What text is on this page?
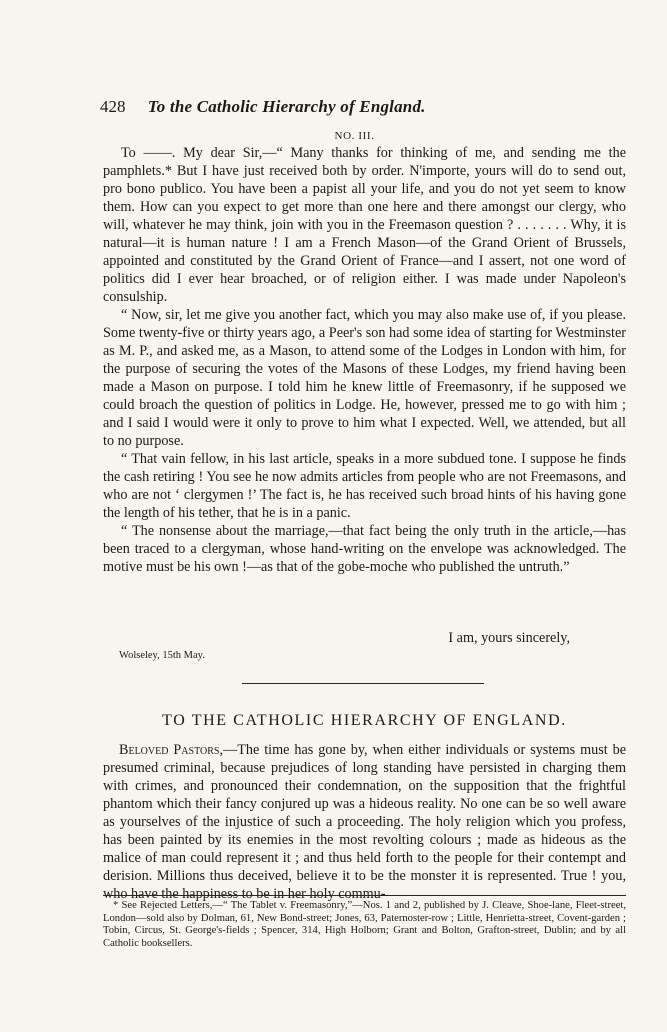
428 To the Catholic Hierarchy of England.
NO. III.

To ——. My dear Sir,—“ Many thanks for thinking of me, and sending me the pamphlets.* But I have just received both by order. N'importe, yours will do to send out, pro bono publico. You have been a papist all your life, and you do not yet seem to know them. How can you expect to get more than one here and there amongst our clergy, who will, whatever he may think, join with you in the Freemason question ? . . . . . . . Why, it is natural—it is human nature ! I am a French Mason—of the Grand Orient of Brussels, appointed and constituted by the Grand Orient of France—and I assert, not one word of politics did I ever hear broached, or of religion either. I was made under Napoleon's consulship.

“ Now, sir, let me give you another fact, which you may also make use of, if you please. Some twenty-five or thirty years ago, a Peer's son had some idea of starting for Westminster as M. P., and asked me, as a Mason, to attend some of the Lodges in London with him, for the purpose of securing the votes of the Masons of these Lodges, my friend having been made a Mason on purpose. I told him he knew little of Freemasonry, if he supposed we could broach the question of politics in Lodge. He, however, pressed me to go with him ; and I said I would were it only to prove to him what I expected. Well, we attended, but all to no purpose.

“ That vain fellow, in his last article, speaks in a more subdued tone. I suppose he finds the cash retiring ! You see he now admits articles from people who are not Freemasons, and who are not ‘ clergymen !’ The fact is, he has received such broad hints of his having gone the length of his tether, that he is in a panic.

“ The nonsense about the marriage,—that fact being the only truth in the article,—has been traced to a clergyman, whose hand-writing on the envelope was acknowledged. The motive must be his own !—as that of the gobe-moche who published the untruth.”

I am, yours sincerely,
Wolseley, 15th May.
TO THE CATHOLIC HIERARCHY OF ENGLAND.

Beloved Pastors,—The time has gone by, when either individuals or systems must be presumed criminal, because prejudices of long standing have persisted in charging them with crimes, and pronounced their condemnation, on the supposition that the frightful phantom which their fancy conjured up was a hideous reality. No one can be so well aware as yourselves of the injustice of such a proceeding. The holy religion which you profess, has been painted by its enemies in the most revolting colours ; made as hideous as the malice of man could represent it ; and thus held forth to the people for their contempt and derision. Millions thus deceived, believe it to be the monster it is represented. True ! you, who have the happiness to be in her holy commu-

* See Rejected Letters,—“ The Tablet v. Freemasonry,”—Nos. 1 and 2, published by J. Cleave, Shoe-lane, Fleet-street, London—sold also by Dolman, 61, New Bond-street; Jones, 63, Paternoster-row ; Little, Henrietta-street, Covent-garden ; Tobin, Circus, St. George's-fields ; Spencer, 314, High Holborn; Grant and Bolton, Grafton-street, Dublin; and by all Catholic booksellers.
